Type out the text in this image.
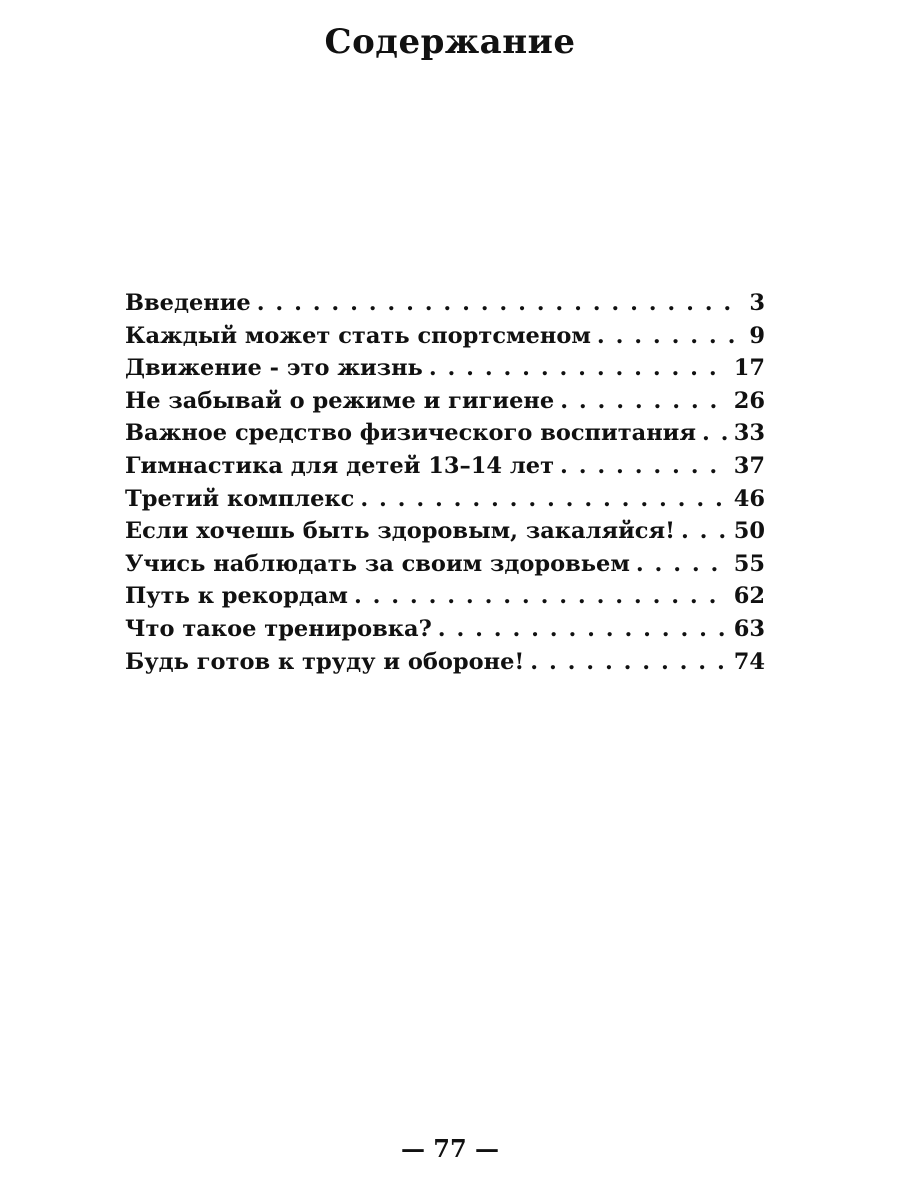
Содержание
Введение . . .	3
Каждый может стать спортсменом . . .	9
Движение - это жизнь . . .	17
Не забывай о режиме и гигиене . . .	26
Важное средство физического воспитания . . . 33
Гимнастика для детей 13–14 лет . . .	37
Третий комплекс . . .	46
Если хочешь быть здоровым, закаляйся! . . .	50
Учись наблюдать за своим здоровьем . . .	55
Путь к рекордам . . .	62
Что такое тренировка? . . .	63
Будь готов к труду и обороне! . . .	74
— 77 —
